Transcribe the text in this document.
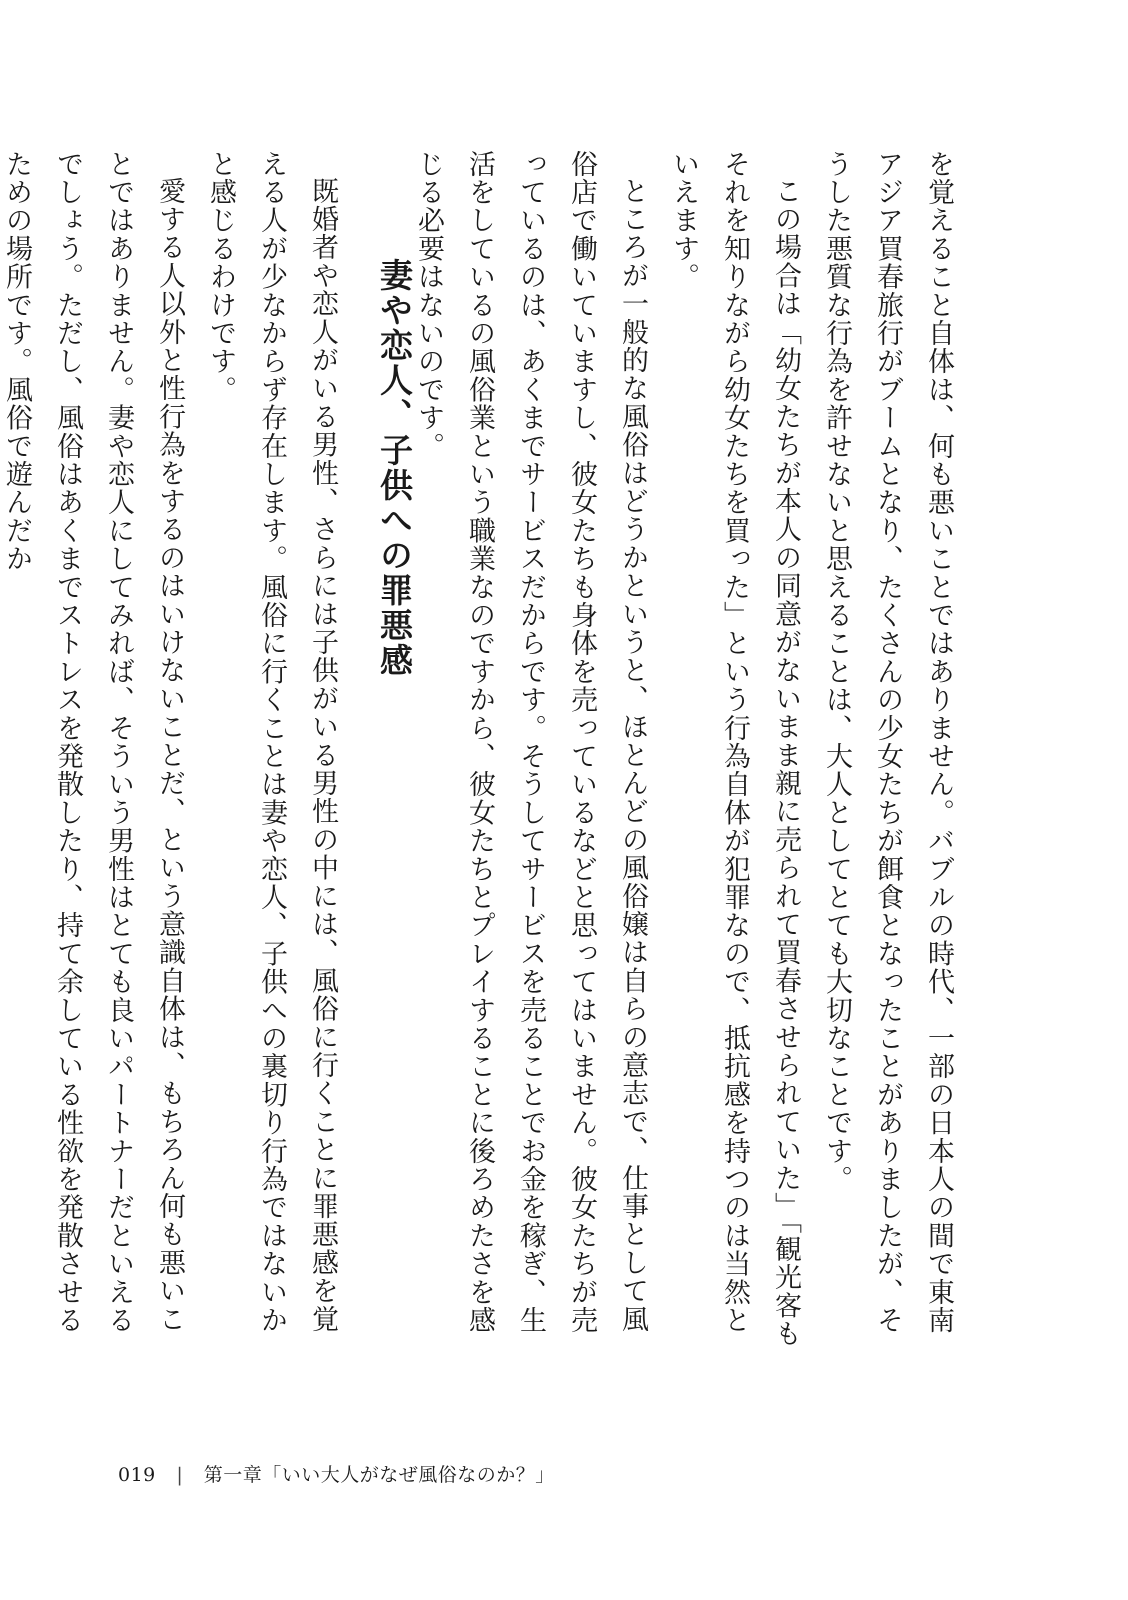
を覚えること自体は、何も悪いことではありません。バブルの時代、一部の日本人の間で東南アジア買春旅行がブームとなり、たくさんの少女たちが餌食となったことがありましたが、そうした悪質な行為を許せないと思えることは、大人としてとても大切なことです。

この場合は「幼女たちが本人の同意がないまま親に売られて買春させられていた」「観光客もそれを知りながら幼女たちを買った」という行為自体が犯罪なので、抵抗感を持つのは当然といえます。

ところが一般的な風俗はどうかというと、ほとんどの風俗嬢は自らの意志で、仕事として風俗店で働いていますし、彼女たちも身体を売っているなどと思ってはいません。彼女たちが売っているのは、あくまでサービスだからです。そうしてサービスを売ることでお金を稼ぎ、生活をしているの風俗業という職業なのですから、彼女たちとプレイすることに後ろめたさを感じる必要はないのです。

妻や恋人、子供への罪悪感

既婚者や恋人がいる男性、さらには子供がいる男性の中には、風俗に行くことに罪悪感を覚える人が少なからず存在します。風俗に行くことは妻や恋人、子供への裏切り行為ではないかと感じるわけです。

愛する人以外と性行為をするのはいけないことだ、という意識自体は、もちろん何も悪いことではありません。妻や恋人にしてみれば、そういう男性はとても良いパートナーだといえるでしょう。ただし、風俗はあくまでストレスを発散したり、持て余している性欲を発散させるための場所です。風俗で遊んだか

019 | 第一章「いい大人がなぜ風俗なのか？」
